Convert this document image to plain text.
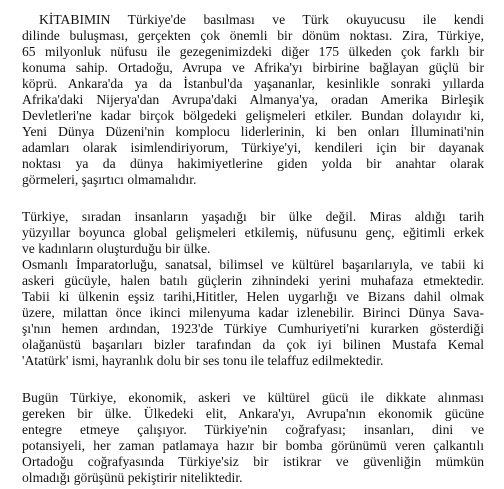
KİTABIMIN Türkiye'de basılması ve Türk okuyucusu ile kendi
dilinde buluşması, gerçekten çok önemli bir dönüm noktası. Zira, Türkiye,
65 milyonluk nüfusu ile gezegenimizdeki diğer 175 ülkeden çok farklı bir
konuma sahip. Ortadoğu, Avrupa ve Afrika'yı birbirine bağlayan güçlü bir
köprü. Ankara'da ya da İstanbul'da yaşananlar, kesinlikle sonraki yıllarda
Afrika'daki Nijerya'dan Avrupa'daki Almanya'ya, oradan Amerika Birleşik
Devletleri'ne kadar birçok bölgedeki gelişmeleri etkiler. Bundan dolayıdır ki,
Yeni Dünya Düzeni'nin komplocu liderlerinin, ki ben onları İlluminati'nin
adamları olarak isimlendiriyorum, Türkiye'yi, kendileri için bir dayanak
noktası ya da dünya hakimiyetlerine giden yolda bir anahtar olarak
görmeleri, şaşırtıcı olmamalıdır.
Türkiye, sıradan insanların yaşadığı bir ülke değil. Miras aldığı tarih
yüzyıllar boyunca global gelişmeleri etkilemiş, nüfusunu genç, eğitimli erkek
ve kadınların oluşturduğu bir ülke.
Osmanlı İmparatorluğu, sanatsal, bilimsel ve kültürel başarılarıyla, ve tabii ki
askeri gücüyle, halen batılı güçlerin zihnindeki yerini muhafaza etmektedir.
Tabii ki ülkenin eşsiz tarihi,Hititler, Helen uygarlığı ve Bizans dahil olmak
üzere, milattan önce ikinci milenyuma kadar izlenebilir. Birinci Dünya Sava-
şı'nın hemen ardından, 1923'de Türkiye Cumhuriyeti'ni kurarken gösterdiği
olağanüstü başarıları bizler tarafından da çok iyi bilinen Mustafa Kemal
'Atatürk' ismi, hayranlık dolu bir ses tonu ile telaffuz edilmektedir.
Bugün Türkiye, ekonomik, askeri ve kültürel gücü ile dikkate alınması
gereken bir ülke. Ülkedeki elit, Ankara'yı, Avrupa'nın ekonomik gücüne
entegre etmeye çalışıyor. Türkiye'nin coğrafyası; insanları, dini ve
potansiyeli, her zaman patlamaya hazır bir bomba görünümü veren çalkantılı
Ortadoğu coğrafyasında Türkiye'siz bir istikrar ve güvenliğin mümkün
olmadığı görüşünü pekiştirir niteliktedir.
